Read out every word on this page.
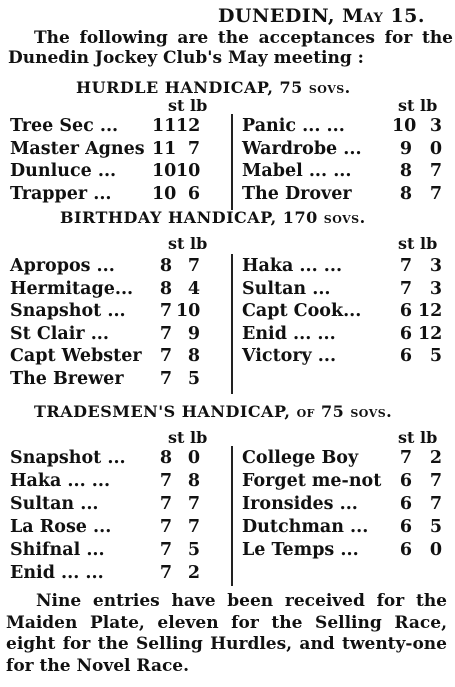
DUNEDIN, May 15.
The following are the acceptances for the Dunedin Jockey Club's May meeting :
HURDLE HANDICAP, 75 sovs.
st lb
Tree Sec ... 11 12
Master Agnes 11 7
Dunluce ... 10 10
Trapper ... 10 6
st lb
Panic ... ...	10 3
Wardrobe ...	9	0
Mabel ... ...	8	7
The Drover	8	7
BIRTHDAY HANDICAP, 170 sovs.
st lb
Apropos ...	8 7
Hermitage...	8 4
Snapshot ...	7 10
St Clair ...	7 9
Capt Webster	7 8
The Brewer	7 5
st lb
Haka ... ...	7	3
Sultan ...	7	3
Capt Cook...	6 12
Enid ... ...	6 12
Victory ...	6	5
TRADESMEN'S HANDICAP, of 75 sovs.
st lb
Snapshot ...	8 0
Haka ... ...	7 8
Sultan ...	7 7
La Rose ...	7 7
Shifnal ...	7 5
Enid ... ...	7 2
st lb
College Boy	7	2
Forget me-not	6	7
Ironsides ...	6	7
Dutchman ...	6	5
Le Temps ...	6	0
Nine entries have been received for the Maiden Plate, eleven for the Selling Race, eight for the Selling Hurdles, and twenty-one for the Novel Race.
